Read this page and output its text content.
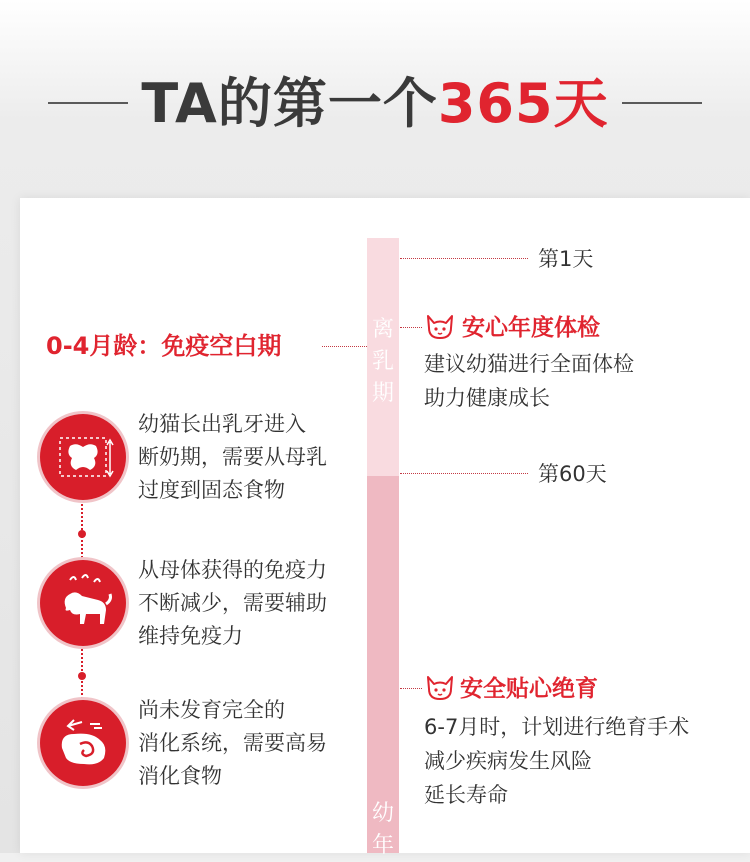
TA的第一个365天
离
乳
期
幼
年
第1天
第60天
0-4月龄：免疫空白期
安心年度体检
建议幼猫进行全面体检
助力健康成长
安全贴心绝育
6-7月时，计划进行绝育手术
减少疾病发生风险
延长寿命
幼猫长出乳牙进入
断奶期，需要从母乳
过度到固态食物
从母体获得的免疫力
不断减少，需要辅助
维持免疫力
尚未发育完全的
消化系统，需要高易
消化食物
